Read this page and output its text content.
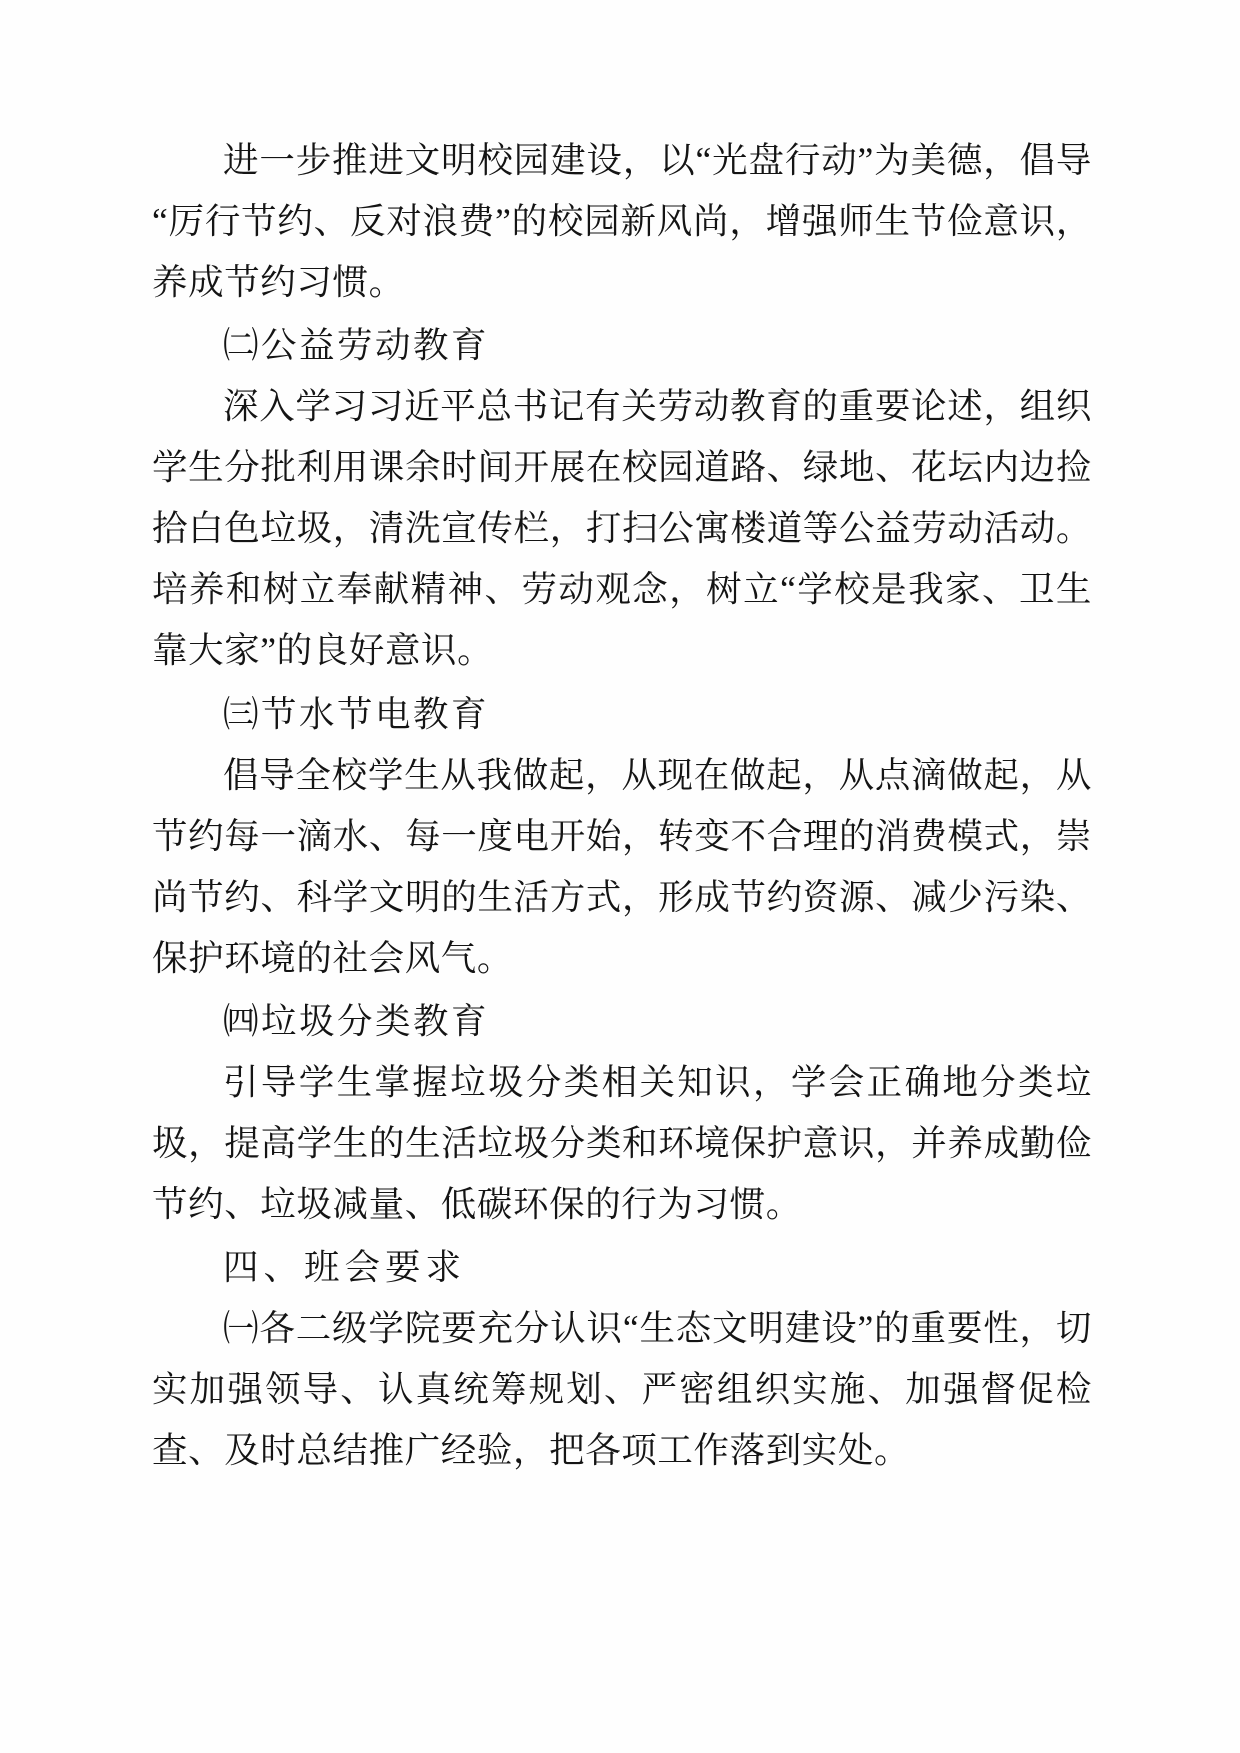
进一步推进文明校园建设，以“光盘行动”为美德，倡导“厉行节约、反对浪费”的校园新风尚，增强师生节俭意识，养成节约习惯。

㈡公益劳动教育

深入学习习近平总书记有关劳动教育的重要论述，组织学生分批利用课余时间开展在校园道路、绿地、花坛内边捡拾白色垃圾，清洗宣传栏，打扫公寓楼道等公益劳动活动。培养和树立奉献精神、劳动观念，树立“学校是我家、卫生靠大家”的良好意识。

㈢节水节电教育

倡导全校学生从我做起，从现在做起，从点滴做起，从节约每一滴水、每一度电开始，转变不合理的消费模式，崇尚节约、科学文明的生活方式，形成节约资源、减少污染、保护环境的社会风气。

㈣垃圾分类教育

引导学生掌握垃圾分类相关知识，学会正确地分类垃圾，提高学生的生活垃圾分类和环境保护意识，并养成勤俭节约、垃圾减量、低碳环保的行为习惯。

四、班会要求

㈠各二级学院要充分认识“生态文明建设”的重要性，切实加强领导、认真统筹规划、严密组织实施、加强督促检查、及时总结推广经验，把各项工作落到实处。
